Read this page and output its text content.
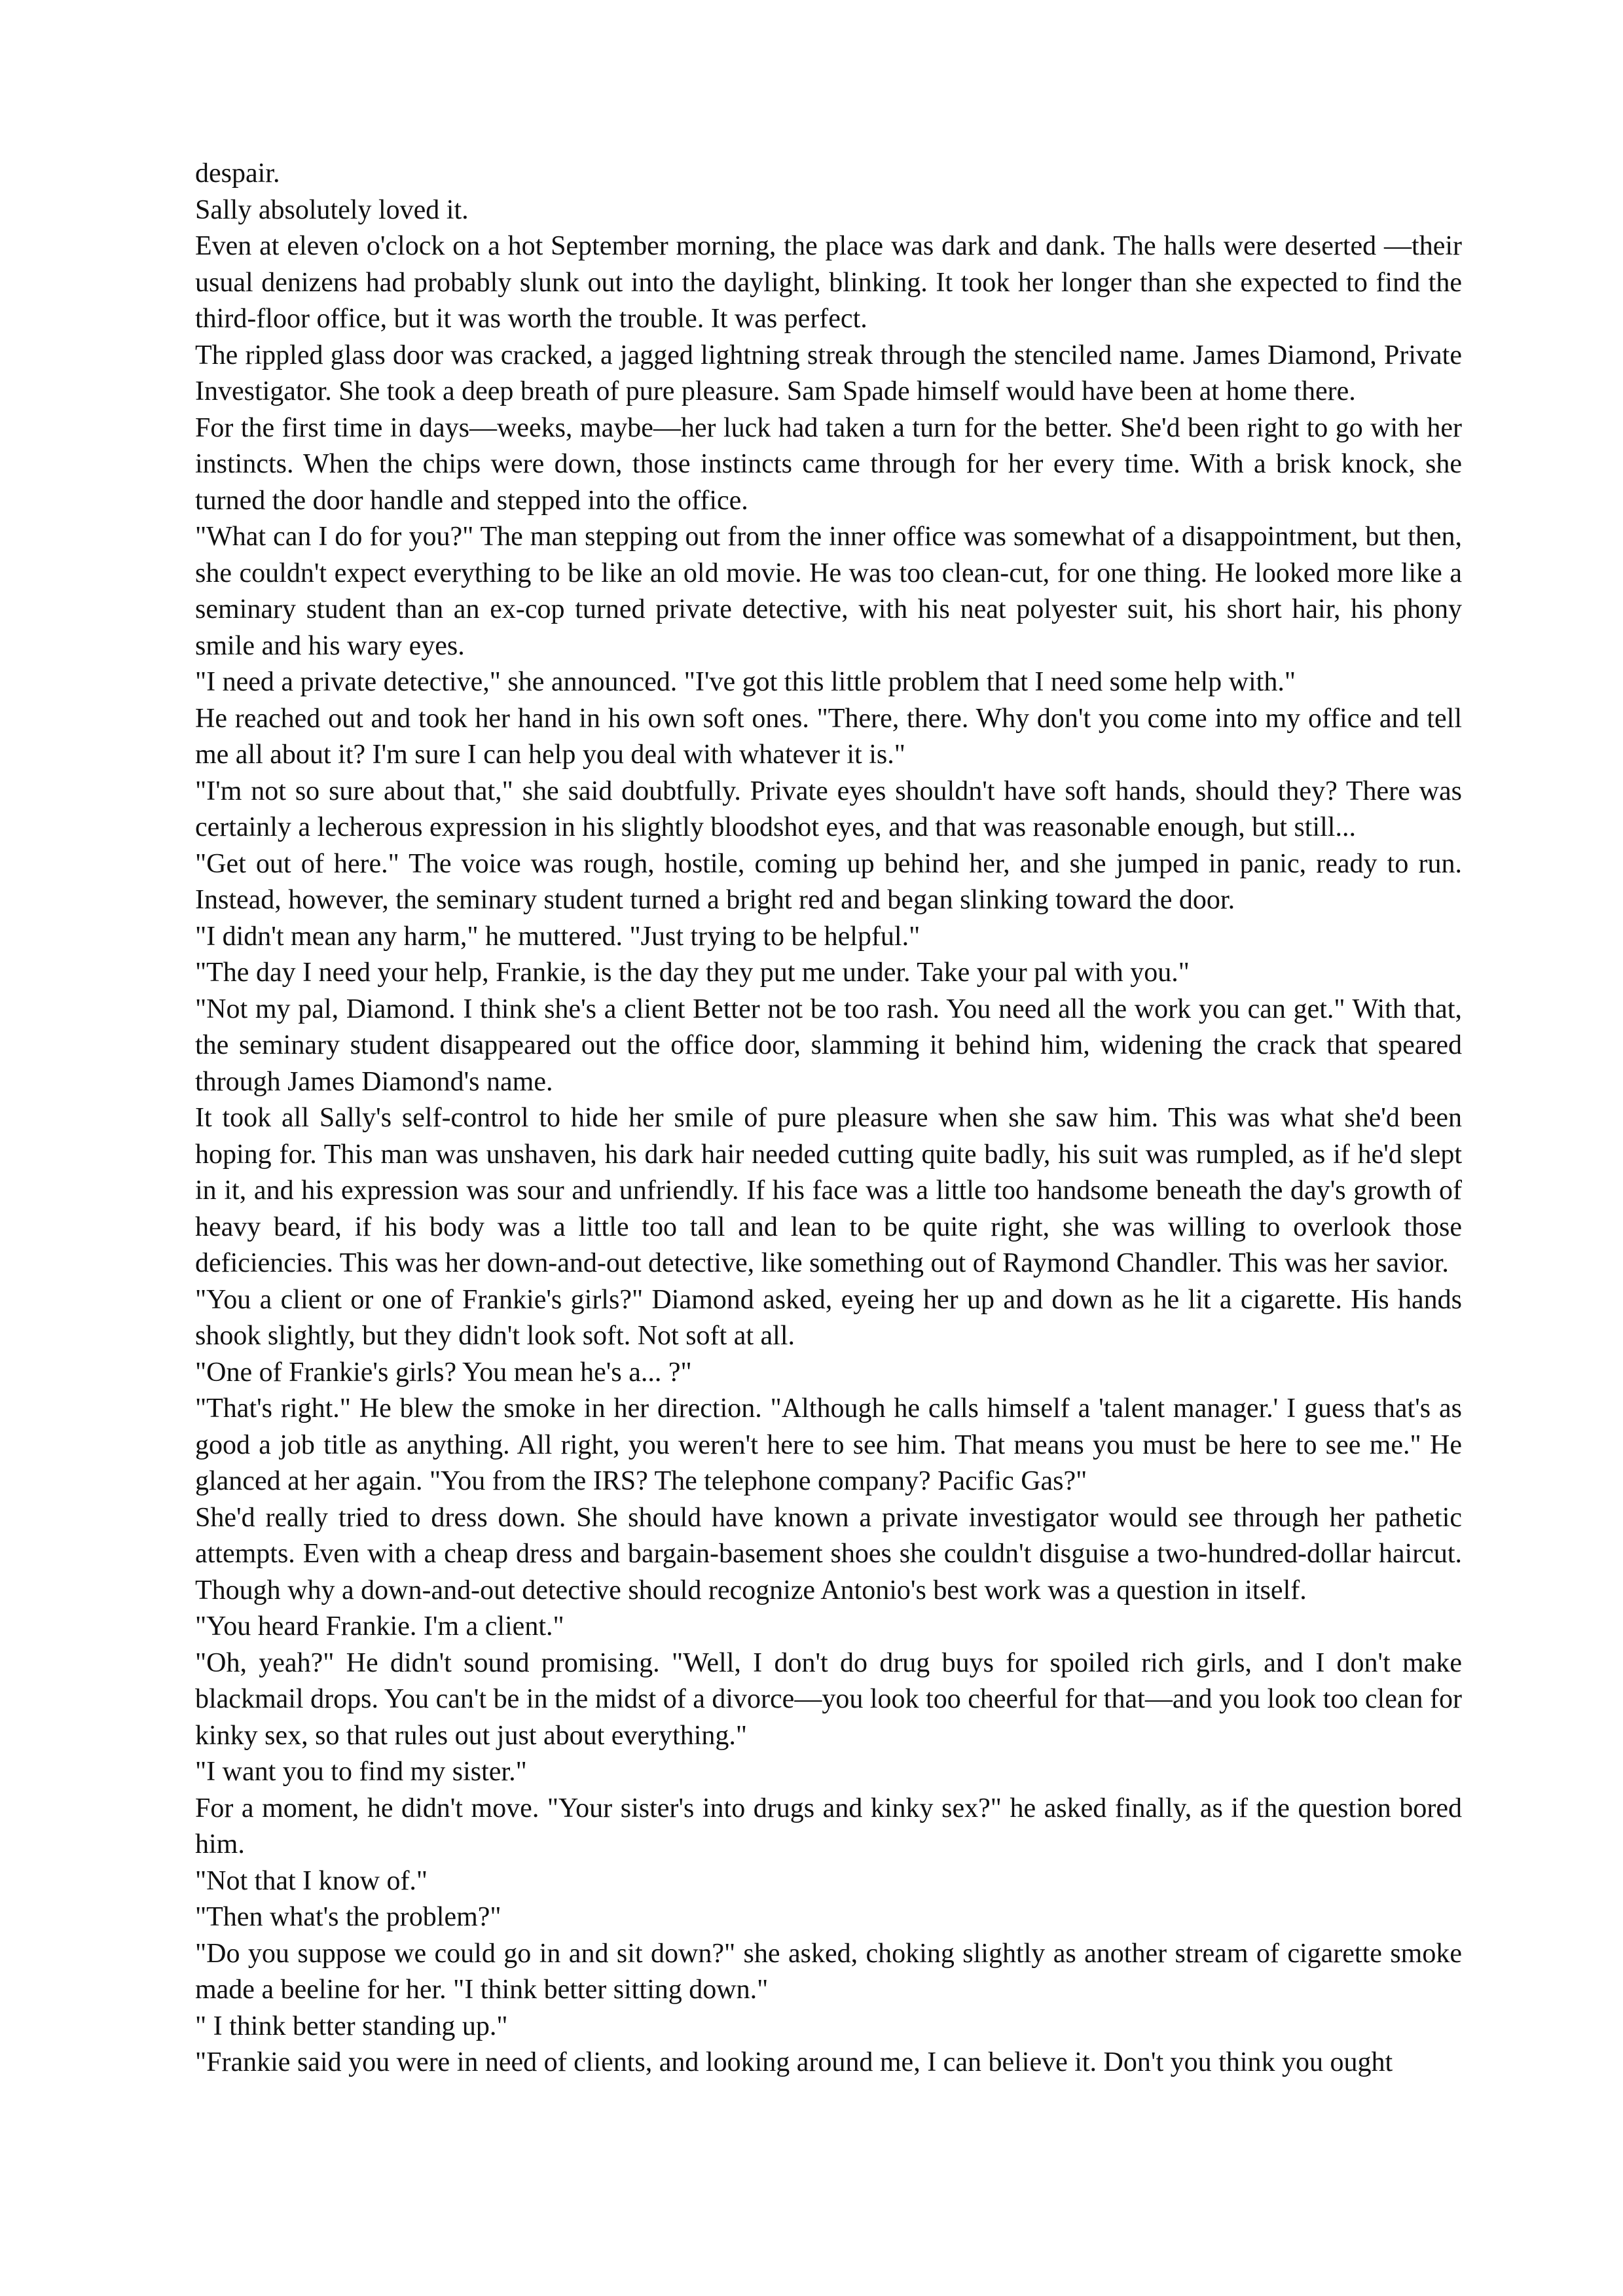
despair.

Sally absolutely loved it.

Even at eleven o'clock on a hot September morning, the place was dark and dank. The halls were deserted —their usual denizens had probably slunk out into the daylight, blinking. It took her longer than she expected to find the third-floor office, but it was worth the trouble. It was perfect.

The rippled glass door was cracked, a jagged lightning streak through the stenciled name. James Diamond, Private Investigator. She took a deep breath of pure pleasure. Sam Spade himself would have been at home there.

For the first time in days—weeks, maybe—her luck had taken a turn for the better. She'd been right to go with her instincts. When the chips were down, those instincts came through for her every time. With a brisk knock, she turned the door handle and stepped into the office.

"What can I do for you?" The man stepping out from the inner office was somewhat of a disappointment, but then, she couldn't expect everything to be like an old movie. He was too clean-cut, for one thing. He looked more like a seminary student than an ex-cop turned private detective, with his neat polyester suit, his short hair, his phony smile and his wary eyes.

"I need a private detective," she announced. "I've got this little problem that I need some help with."

He reached out and took her hand in his own soft ones. "There, there. Why don't you come into my office and tell me all about it? I'm sure I can help you deal with whatever it is."

"I'm not so sure about that," she said doubtfully. Private eyes shouldn't have soft hands, should they? There was certainly a lecherous expression in his slightly bloodshot eyes, and that was reasonable enough, but still...

"Get out of here." The voice was rough, hostile, coming up behind her, and she jumped in panic, ready to run. Instead, however, the seminary student turned a bright red and began slinking toward the door.

"I didn't mean any harm," he muttered. "Just trying to be helpful."

"The day I need your help, Frankie, is the day they put me under. Take your pal with you."

"Not my pal, Diamond. I think she's a client Better not be too rash. You need all the work you can get." With that, the seminary student disappeared out the office door, slamming it behind him, widening the crack that speared through James Diamond's name.

It took all Sally's self-control to hide her smile of pure pleasure when she saw him. This was what she'd been hoping for. This man was unshaven, his dark hair needed cutting quite badly, his suit was rumpled, as if he'd slept in it, and his expression was sour and unfriendly. If his face was a little too handsome beneath the day's growth of heavy beard, if his body was a little too tall and lean to be quite right, she was willing to overlook those deficiencies. This was her down-and-out detective, like something out of Raymond Chandler. This was her savior.

"You a client or one of Frankie's girls?" Diamond asked, eyeing her up and down as he lit a cigarette. His hands shook slightly, but they didn't look soft. Not soft at all.

"One of Frankie's girls? You mean he's a... ?"

"That's right." He blew the smoke in her direction. "Although he calls himself a 'talent manager.' I guess that's as good a job title as anything. All right, you weren't here to see him. That means you must be here to see me." He glanced at her again. "You from the IRS? The telephone company? Pacific Gas?"

She'd really tried to dress down. She should have known a private investigator would see through her pathetic attempts. Even with a cheap dress and bargain-basement shoes she couldn't disguise a two-hundred-dollar haircut. Though why a down-and-out detective should recognize Antonio's best work was a question in itself.

"You heard Frankie. I'm a client."

"Oh, yeah?" He didn't sound promising. "Well, I don't do drug buys for spoiled rich girls, and I don't make blackmail drops. You can't be in the midst of a divorce—you look too cheerful for that—and you look too clean for kinky sex, so that rules out just about everything."

"I want you to find my sister."

For a moment, he didn't move. "Your sister's into drugs and kinky sex?" he asked finally, as if the question bored him.

"Not that I know of."

"Then what's the problem?"

"Do you suppose we could go in and sit down?" she asked, choking slightly as another stream of cigarette smoke made a beeline for her. "I think better sitting down."

" I think better standing up."

"Frankie said you were in need of clients, and looking around me, I can believe it. Don't you think you ought
